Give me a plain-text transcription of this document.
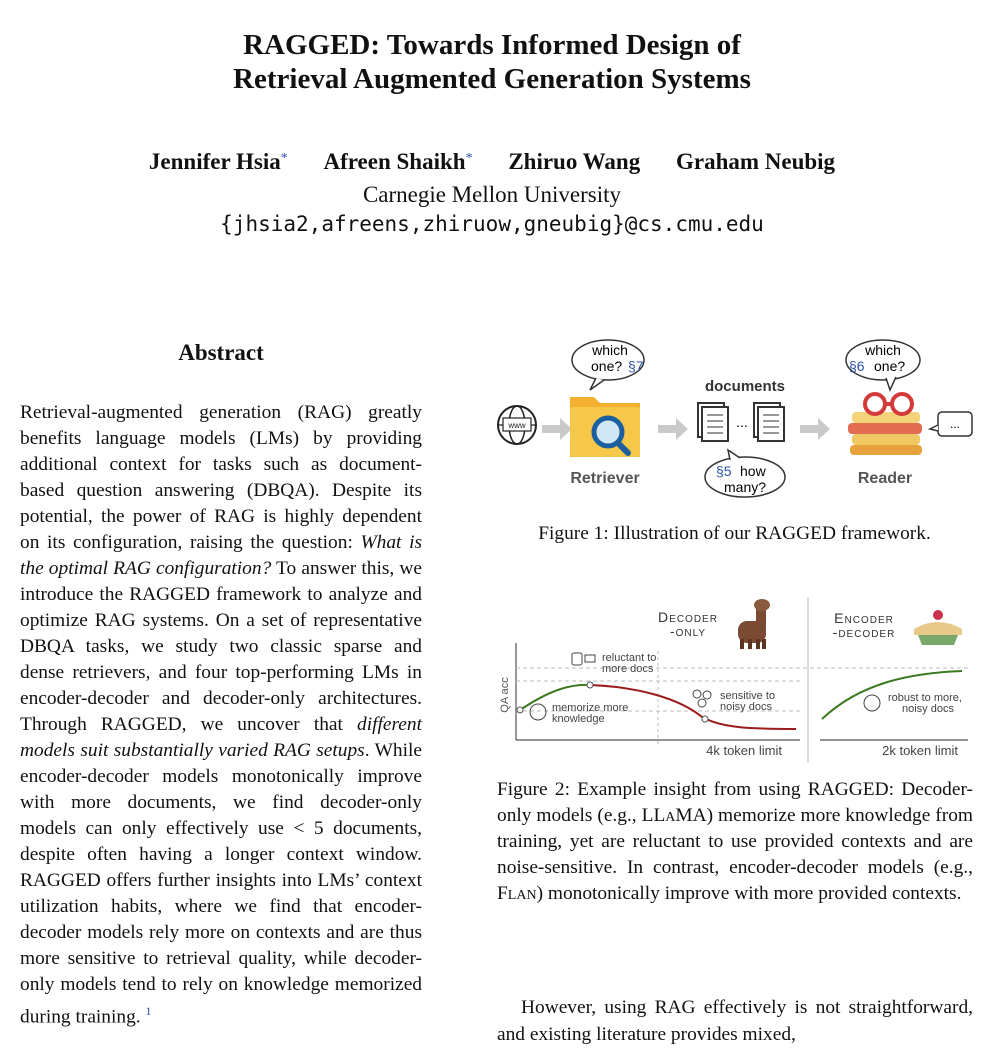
RAGGED: Towards Informed Design of
Retrieval Augmented Generation Systems
Jennifer Hsia* Afreen Shaikh* Zhiruo Wang Graham Neubig
Carnegie Mellon University
{jhsia2,afreens,zhiruow,gneubig}@cs.cmu.edu
Abstract
Retrieval-augmented generation (RAG) greatly benefits language models (LMs) by providing additional context for tasks such as document-based question answering (DBQA). Despite its potential, the power of RAG is highly dependent on its configuration, raising the question: What is the optimal RAG configuration? To answer this, we introduce the RAGGED framework to analyze and optimize RAG systems. On a set of representative DBQA tasks, we study two classic sparse and dense retrievers, and four top-performing LMs in encoder-decoder and decoder-only architectures. Through RAGGED, we uncover that different models suit substantially varied RAG setups. While encoder-decoder models monotonically improve with more documents, we find decoder-only models can only effectively use < 5 documents, despite often having a longer context window. RAGGED offers further insights into LMs’ context utilization habits, where we find that encoder-decoder models rely more on contexts and are thus more sensitive to retrieval quality, while decoder-only models tend to rely on knowledge memorized during training. $^1$
www
Retriever
which
one? §7
documents
...
§5 how
many?	Reader
which
§6 one?
...
Figure 1: Illustration of our RAGGED framework.
Decoder
-only
Encoder
-decoder
QA acc
reluctant to
more docs
memorize more
knowledge
sensitive to
noisy docs
robust to more,
noisy docs
4k token limit	2k token limit
Figure 2: Example insight from using RAGGED: Decoder-only models (e.g., LLaMA) memorize more knowledge from training, yet are reluctant to use provided contexts and are noise-sensitive. In contrast, encoder-decoder models (e.g., Flan) monotonically improve with more provided contexts.
However, using RAG effectively is not straightforward, and existing literature provides mixed,
